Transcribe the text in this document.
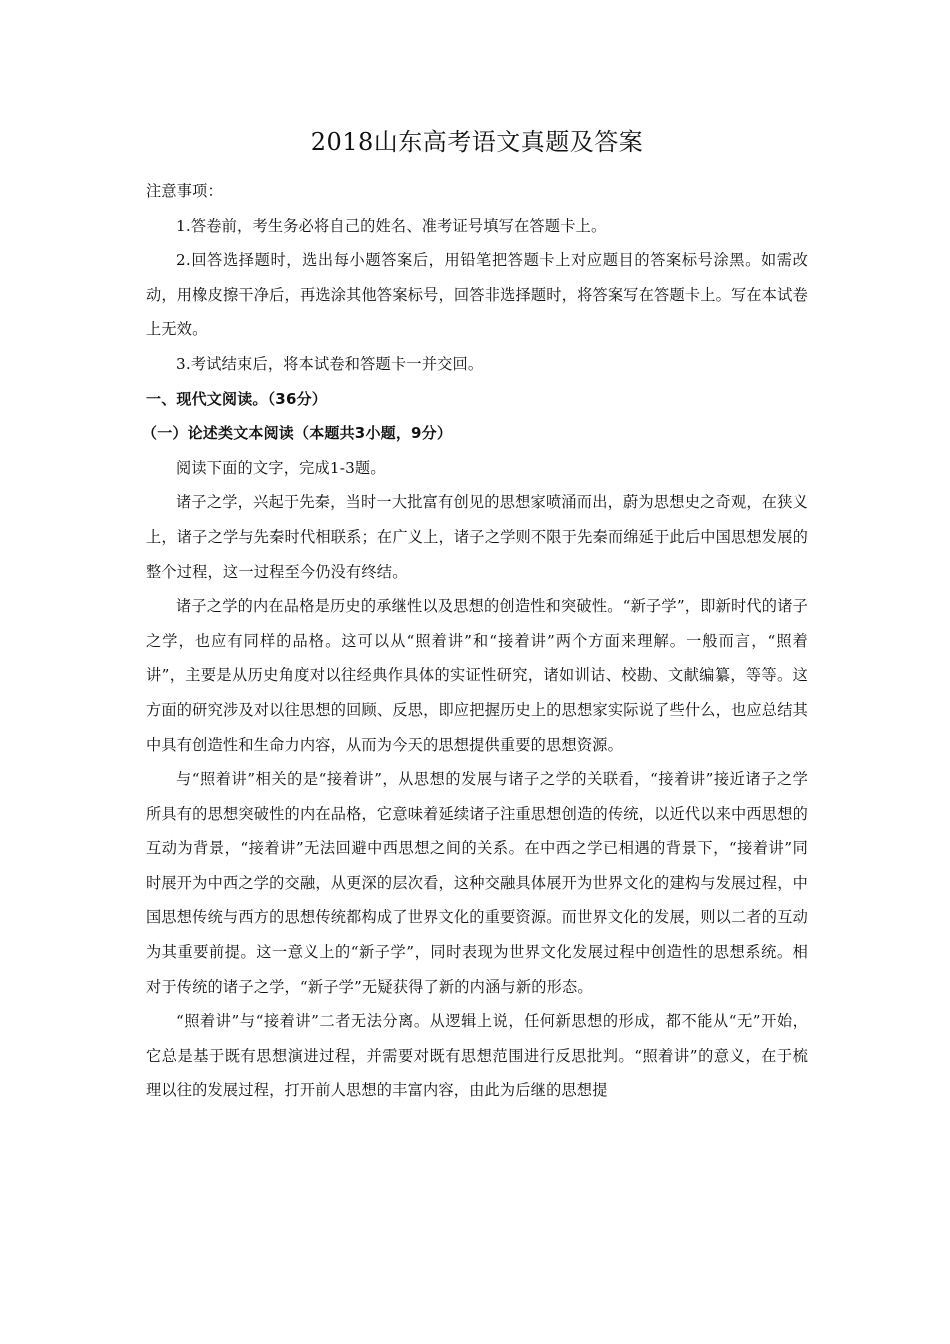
2018山东高考语文真题及答案

注意事项：

1.答卷前，考生务必将自己的姓名、准考证号填写在答题卡上。

2.回答选择题时，选出每小题答案后，用铅笔把答题卡上对应题目的答案标号涂黑。如需改动，用橡皮擦干净后，再选涂其他答案标号，回答非选择题时，将答案写在答题卡上。写在本试卷上无效。

3.考试结束后，将本试卷和答题卡一并交回。

一、现代文阅读。（36分）

（一）论述类文本阅读（本题共3小题，9分）

阅读下面的文字，完成1-3题。

诸子之学，兴起于先秦，当时一大批富有创见的思想家喷涌而出，蔚为思想史之奇观，在狭义上，诸子之学与先秦时代相联系；在广义上，诸子之学则不限于先秦而绵延于此后中国思想发展的整个过程，这一过程至今仍没有终结。

诸子之学的内在品格是历史的承继性以及思想的创造性和突破性。“新子学”，即新时代的诸子之学，也应有同样的品格。这可以从“照着讲”和“接着讲”两个方面来理解。一般而言，“照着讲”，主要是从历史角度对以往经典作具体的实证性研究，诸如训诂、校勘、文献编纂，等等。这方面的研究涉及对以往思想的回顾、反思，即应把握历史上的思想家实际说了些什么，也应总结其中具有创造性和生命力内容，从而为今天的思想提供重要的思想资源。

与“照着讲”相关的是“接着讲”，从思想的发展与诸子之学的关联看，“接着讲”接近诸子之学所具有的思想突破性的内在品格，它意味着延续诸子注重思想创造的传统，以近代以来中西思想的互动为背景，“接着讲”无法回避中西思想之间的关系。在中西之学已相遇的背景下，“接着讲”同时展开为中西之学的交融，从更深的层次看，这种交融具体展开为世界文化的建构与发展过程，中国思想传统与西方的思想传统都构成了世界文化的重要资源。而世界文化的发展，则以二者的互动为其重要前提。这一意义上的“新子学”，同时表现为世界文化发展过程中创造性的思想系统。相对于传统的诸子之学，“新子学”无疑获得了新的内涵与新的形态。

“照着讲”与“接着讲”二者无法分离。从逻辑上说，任何新思想的形成，都不能从“无”开始，它总是基于既有思想演进过程，并需要对既有思想范围进行反思批判。“照着讲”的意义，在于梳理以往的发展过程，打开前人思想的丰富内容，由此为后继的思想提
